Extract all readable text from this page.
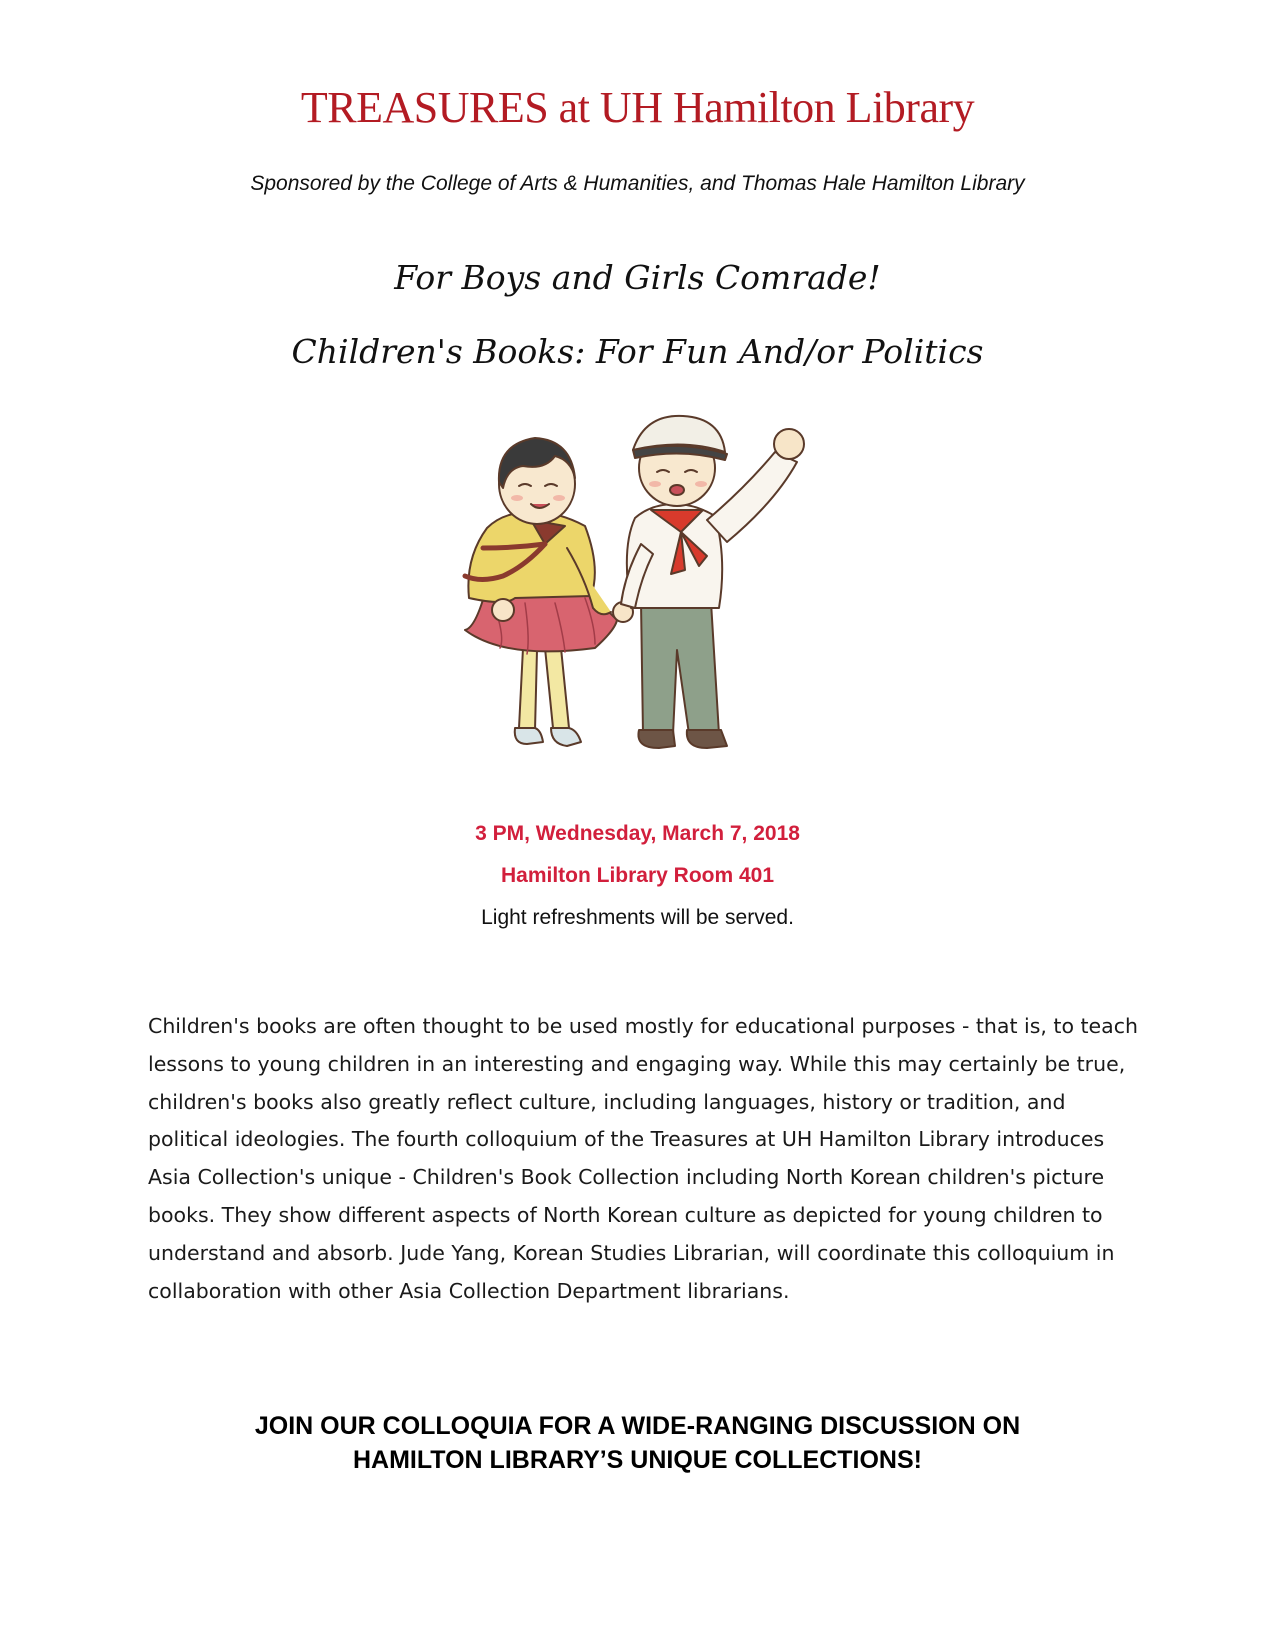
TREASURES at UH Hamilton Library
Sponsored by the College of Arts & Humanities, and Thomas Hale Hamilton Library
For Boys and Girls Comrade!
Children's Books: For Fun And/or Politics
3 PM, Wednesday, March 7, 2018
Hamilton Library Room 401
Light refreshments will be served.
Children's books are often thought to be used mostly for educational purposes - that is, to teach lessons to young children in an interesting and engaging way. While this may certainly be true, children's books also greatly reflect culture, including languages, history or tradition, and political ideologies. The fourth colloquium of the Treasures at UH Hamilton Library introduces Asia Collection's unique - Children's Book Collection including North Korean children's picture books. They show different aspects of North Korean culture as depicted for young children to understand and absorb. Jude Yang, Korean Studies Librarian, will coordinate this colloquium in collaboration with other Asia Collection Department librarians.
JOIN OUR COLLOQUIA FOR A WIDE-RANGING DISCUSSION ON
HAMILTON LIBRARY’S UNIQUE COLLECTIONS!
